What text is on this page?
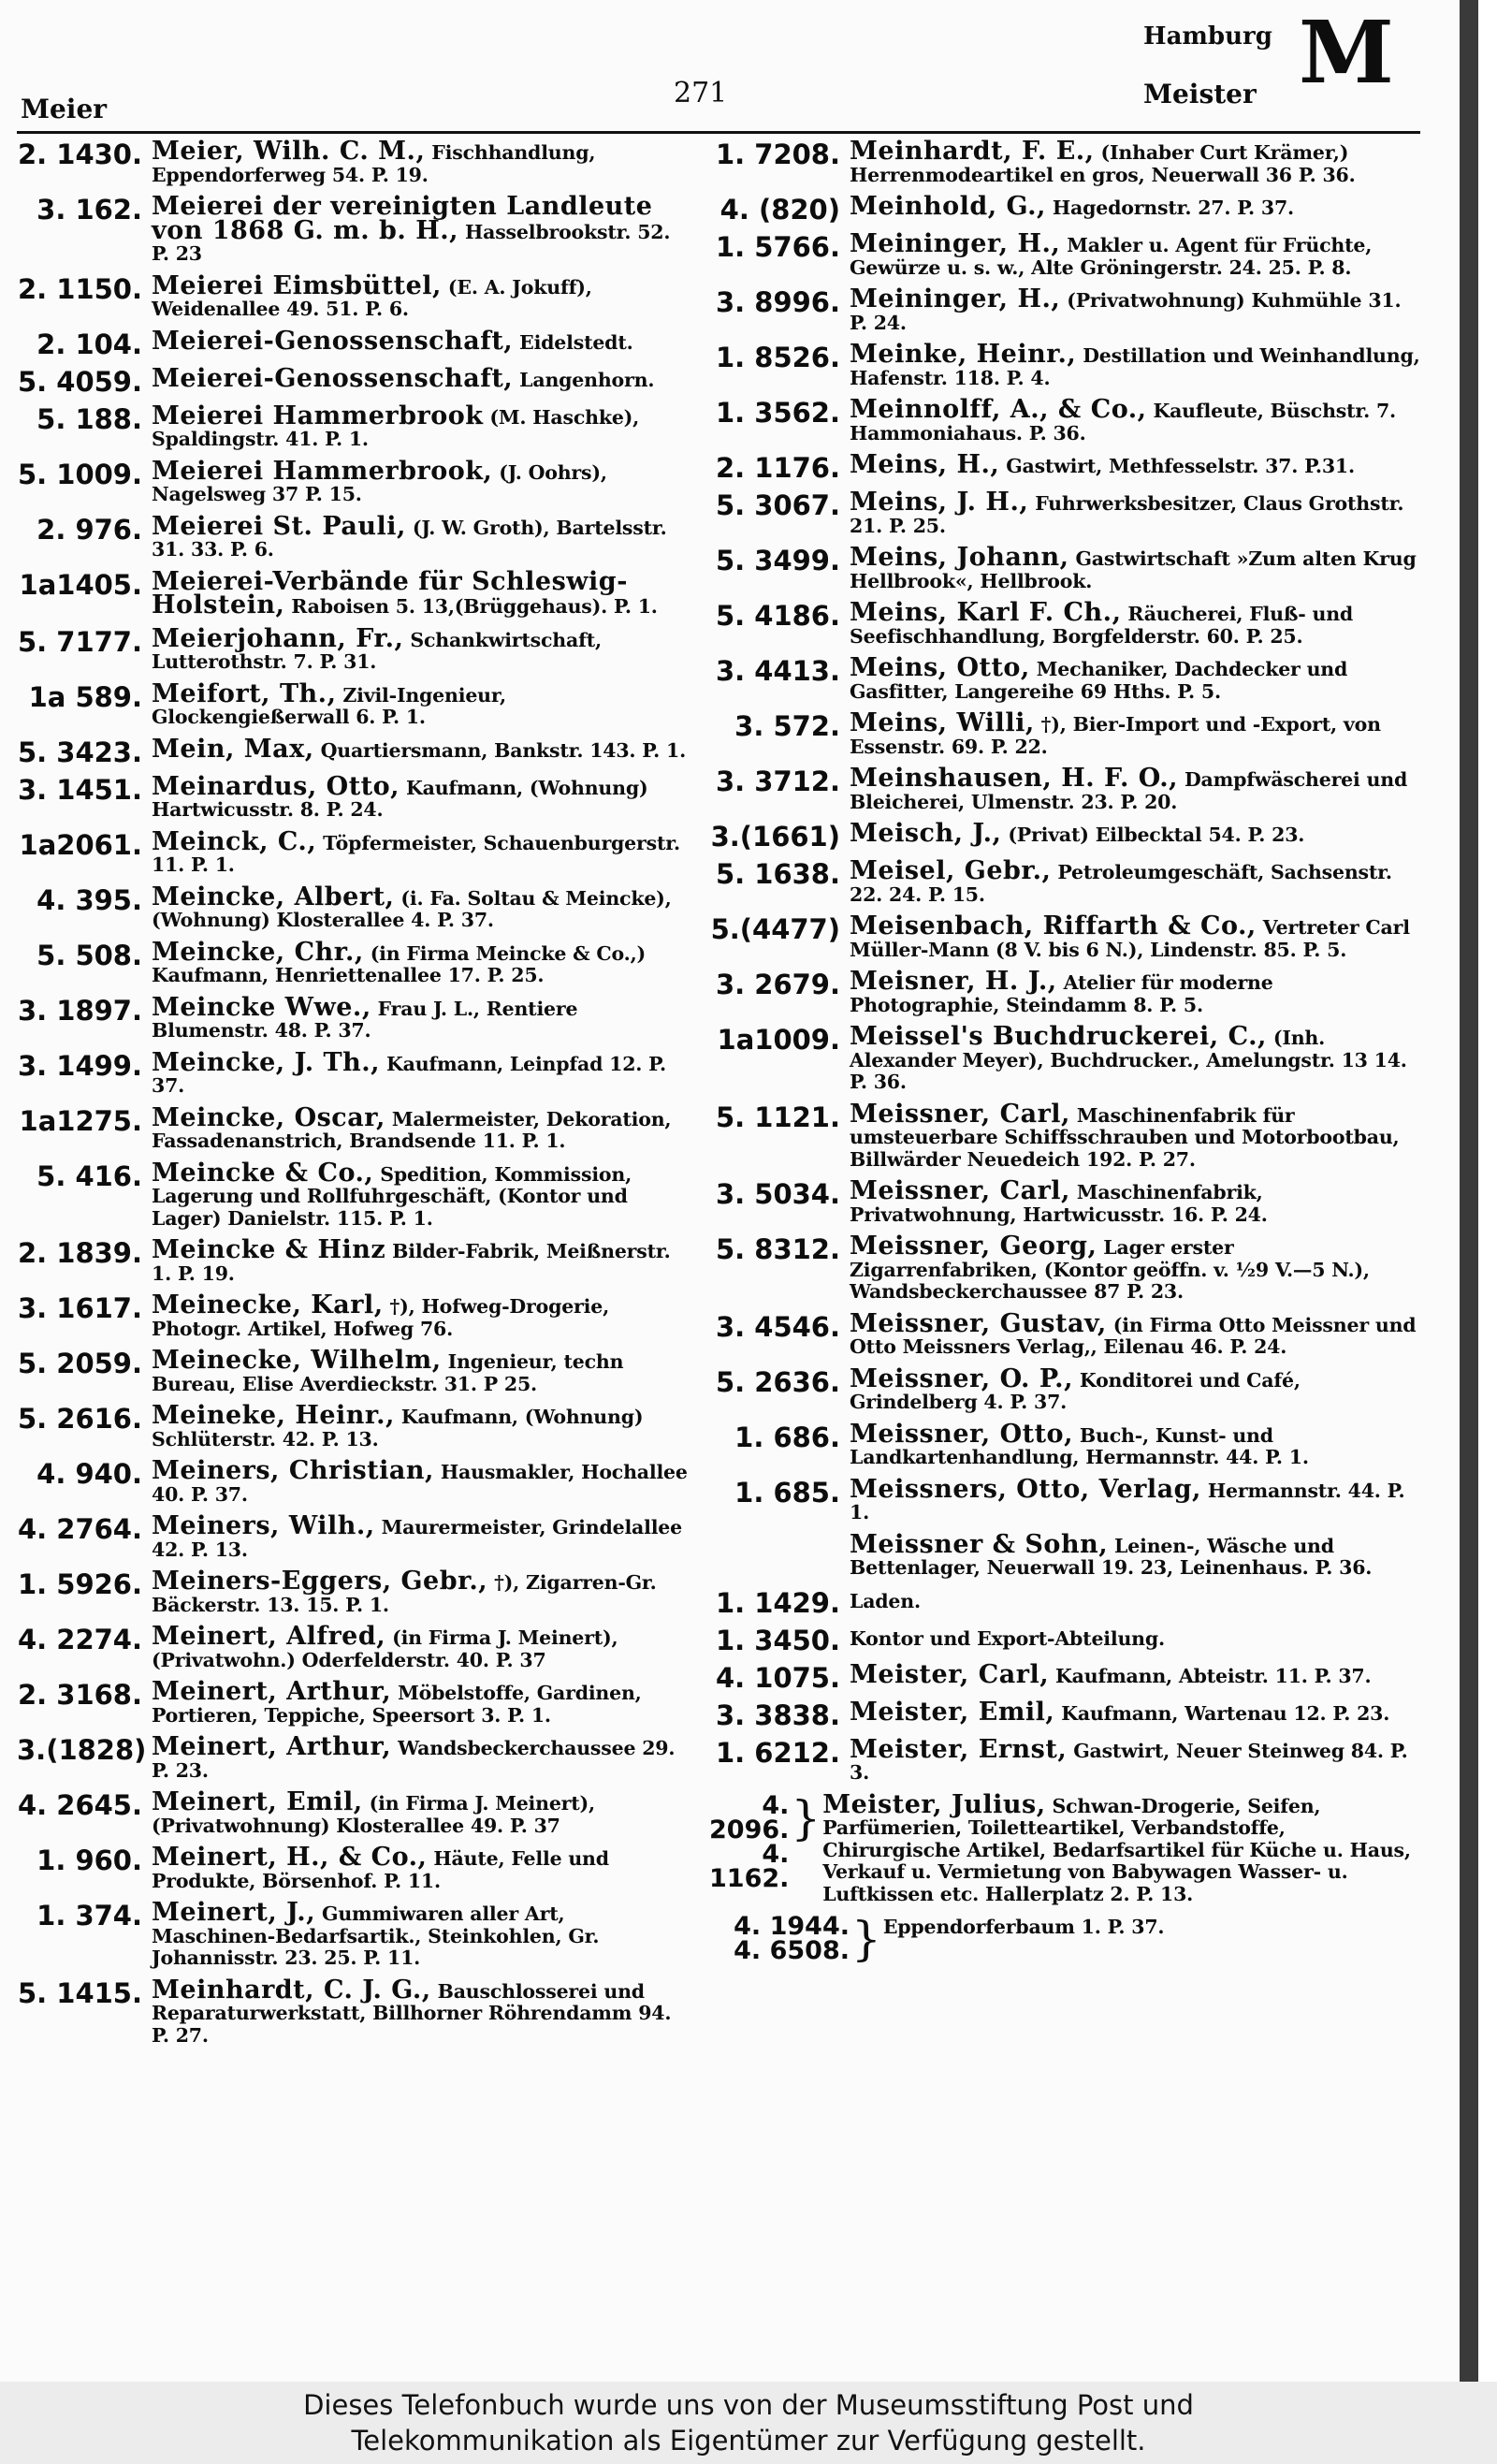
Meier	271
Hamburg
Meister M
2. 1430. Meier, Wilh. C. M., Fischhandlung, Eppendorferweg 54. P. 19.
3. 162. Meierei der vereinigten Landleute von 1868 G. m. b. H., Hasselbrookstr. 52. P. 23
2. 1150. Meierei Eimsbüttel, (E. A. Jokuff), Weidenallee 49. 51. P. 6.
2. 104. Meierei-Genossenschaft, Eidelstedt.
5. 4059. Meierei-Genossenschaft, Langenhorn.
5. 188. Meierei Hammerbrook (M. Haschke), Spaldingstr. 41. P. 1.
5. 1009. Meierei Hammerbrook, (J. Oohrs), Nagelsweg 37 P. 15.
2. 976. Meierei St. Pauli, (J. W. Groth), Bartelsstr. 31. 33. P. 6.
1a1405. Meierei-Verbände für Schleswig-Holstein, Raboisen 5. 13,(Brüggehaus). P. 1.
5. 7177. Meierjohann, Fr., Schankwirtschaft, Lutterothstr. 7. P. 31.
1a 589. Meifort, Th., Zivil-Ingenieur, Glockengießerwall 6. P. 1.
5. 3423. Mein, Max, Quartiersmann, Bankstr. 143. P. 1.
3. 1451. Meinardus, Otto, Kaufmann, (Wohnung) Hartwicusstr. 8. P. 24.
1a2061. Meinck, C., Töpfermeister, Schauenburgerstr. 11. P. 1.
4. 395. Meincke, Albert, (i. Fa. Soltau & Meincke), (Wohnung) Klosterallee 4. P. 37.
5. 508. Meincke, Chr., (in Firma Meincke & Co.,) Kaufmann, Henriettenallee 17. P. 25.
3. 1897. Meincke Wwe., Frau J. L., Rentiere Blumenstr. 48. P. 37.
3. 1499. Meincke, J. Th., Kaufmann, Leinpfad 12. P. 37.
1a1275. Meincke, Oscar, Malermeister, Dekoration, Fassadenanstrich, Brandsende 11. P. 1.
5. 416. Meincke & Co., Spedition, Kommission, Lagerung und Rollfuhrgeschäft, (Kontor und Lager) Danielstr. 115. P. 1.
2. 1839. Meincke & Hinz Bilder-Fabrik, Meißnerstr. 1. P. 19.
3. 1617. Meinecke, Karl, †), Hofweg-Drogerie, Photogr. Artikel, Hofweg 76.
5. 2059. Meinecke, Wilhelm, Ingenieur, techn Bureau, Elise Averdieckstr. 31. P 25.
5. 2616. Meineke, Heinr., Kaufmann, (Wohnung) Schlüterstr. 42. P. 13.
4. 940. Meiners, Christian, Hausmakler, Hochallee 40. P. 37.
4. 2764. Meiners, Wilh., Maurermeister, Grindelallee 42. P. 13.
1. 5926. Meiners-Eggers, Gebr., †), Zigarren-Gr. Bäckerstr. 13. 15. P. 1.
4. 2274. Meinert, Alfred, (in Firma J. Meinert), (Privatwohn.) Oderfelderstr. 40. P. 37
2. 3168. Meinert, Arthur, Möbelstoffe, Gardinen, Portieren, Teppiche, Speersort 3. P. 1.
3.(1828) Meinert, Arthur, Wandsbeckerchaussee 29. P. 23.
4. 2645. Meinert, Emil, (in Firma J. Meinert), (Privatwohnung) Klosterallee 49. P. 37
1. 960. Meinert, H., & Co., Häute, Felle und Produkte, Börsenhof. P. 11.
1. 374. Meinert, J., Gummiwaren aller Art, Maschinen-Bedarfsartik., Steinkohlen, Gr. Johannisstr. 23. 25. P. 11.
5. 1415. Meinhardt, C. J. G., Bauschlosserei und Reparaturwerkstatt, Billhorner Röhrendamm 94. P. 27.
1. 7208. Meinhardt, F. E., (Inhaber Curt Krämer,) Herrenmodeartikel en gros, Neuerwall 36 P. 36.
4. (820) Meinhold, G., Hagedornstr. 27. P. 37.
1. 5766. Meininger, H., Makler u. Agent für Früchte, Gewürze u. s. w., Alte Gröningerstr. 24. 25. P. 8.
3. 8996. Meininger, H., (Privatwohnung) Kuhmühle 31. P. 24.
1. 8526. Meinke, Heinr., Destillation und Weinhandlung, Hafenstr. 118. P. 4.
1. 3562. Meinnolff, A., & Co., Kaufleute, Büschstr. 7. Hammoniahaus. P. 36.
2. 1176. Meins, H., Gastwirt, Methfesselstr. 37. P.31.
5. 3067. Meins, J. H., Fuhrwerksbesitzer, Claus Grothstr. 21. P. 25.
5. 3499. Meins, Johann, Gastwirtschaft »Zum alten Krug Hellbrook«, Hellbrook.
5. 4186. Meins, Karl F. Ch., Räucherei, Fluß- und Seefischhandlung, Borgfelderstr. 60. P. 25.
3. 4413. Meins, Otto, Mechaniker, Dachdecker und Gasfitter, Langereihe 69 Hths. P. 5.
3. 572. Meins, Willi, †), Bier-Import und -Export, von Essenstr. 69. P. 22.
3. 3712. Meinshausen, H. F. O., Dampfwäscherei und Bleicherei, Ulmenstr. 23. P. 20.
3.(1661) Meisch, J., (Privat) Eilbecktal 54. P. 23.
5. 1638. Meisel, Gebr., Petroleumgeschäft, Sachsenstr. 22. 24. P. 15.
5.(4477) Meisenbach, Riffarth & Co., Vertreter Carl Müller-Mann (8 V. bis 6 N.), Lindenstr. 85. P. 5.
3. 2679. Meisner, H. J., Atelier für moderne Photographie, Steindamm 8. P. 5.
1a1009. Meissel's Buchdruckerei, C., (Inh. Alexander Meyer), Buchdrucker., Amelungstr. 13 14. P. 36.
5. 1121. Meissner, Carl, Maschinenfabrik für umsteuerbare Schiffsschrauben und Motorbootbau, Billwärder Neuedeich 192. P. 27.
3. 5034. Meissner, Carl, Maschinenfabrik, Privatwohnung, Hartwicusstr. 16. P. 24.
5. 8312. Meissner, Georg, Lager erster Zigarrenfabriken, (Kontor geöffn. v. ½9 V.—5 N.), Wandsbeckerchaussee 87 P. 23.
3. 4546. Meissner, Gustav, (in Firma Otto Meissner und Otto Meissners Verlag,, Eilenau 46. P. 24.
5. 2636. Meissner, O. P., Konditorei und Café, Grindelberg 4. P. 37.
1. 686. Meissner, Otto, Buch-, Kunst- und Landkartenhandlung, Hermannstr. 44. P. 1.
1. 685. Meissners, Otto, Verlag, Hermannstr. 44. P. 1.
Meissner & Sohn, Leinen-, Wäsche und Bettenlager, Neuerwall 19. 23, Leinenhaus. P. 36.
1. 1429. Laden.
1. 3450. Kontor und Export-Abteilung.
4. 1075. Meister, Carl, Kaufmann, Abteistr. 11. P. 37.
3. 3838. Meister, Emil, Kaufmann, Wartenau 12. P. 23.
1. 6212. Meister, Ernst, Gastwirt, Neuer Steinweg 84. P. 3.
4. 2096.
4. 1162.
} Meister, Julius, Schwan-Drogerie, Seifen, Parfümerien, Toiletteartikel, Verbandstoffe, Chirurgische Artikel, Bedarfsartikel für Küche u. Haus, Verkauf u. Vermietung von Babywagen Wasser- u. Luftkissen etc. Hallerplatz 2. P. 13.
4. 1944.
4. 6508. } Eppendorferbaum 1. P. 37.
Dieses Telefonbuch wurde uns von der Museumsstiftung Post und
Telekommunikation als Eigentümer zur Verfügung gestellt.
